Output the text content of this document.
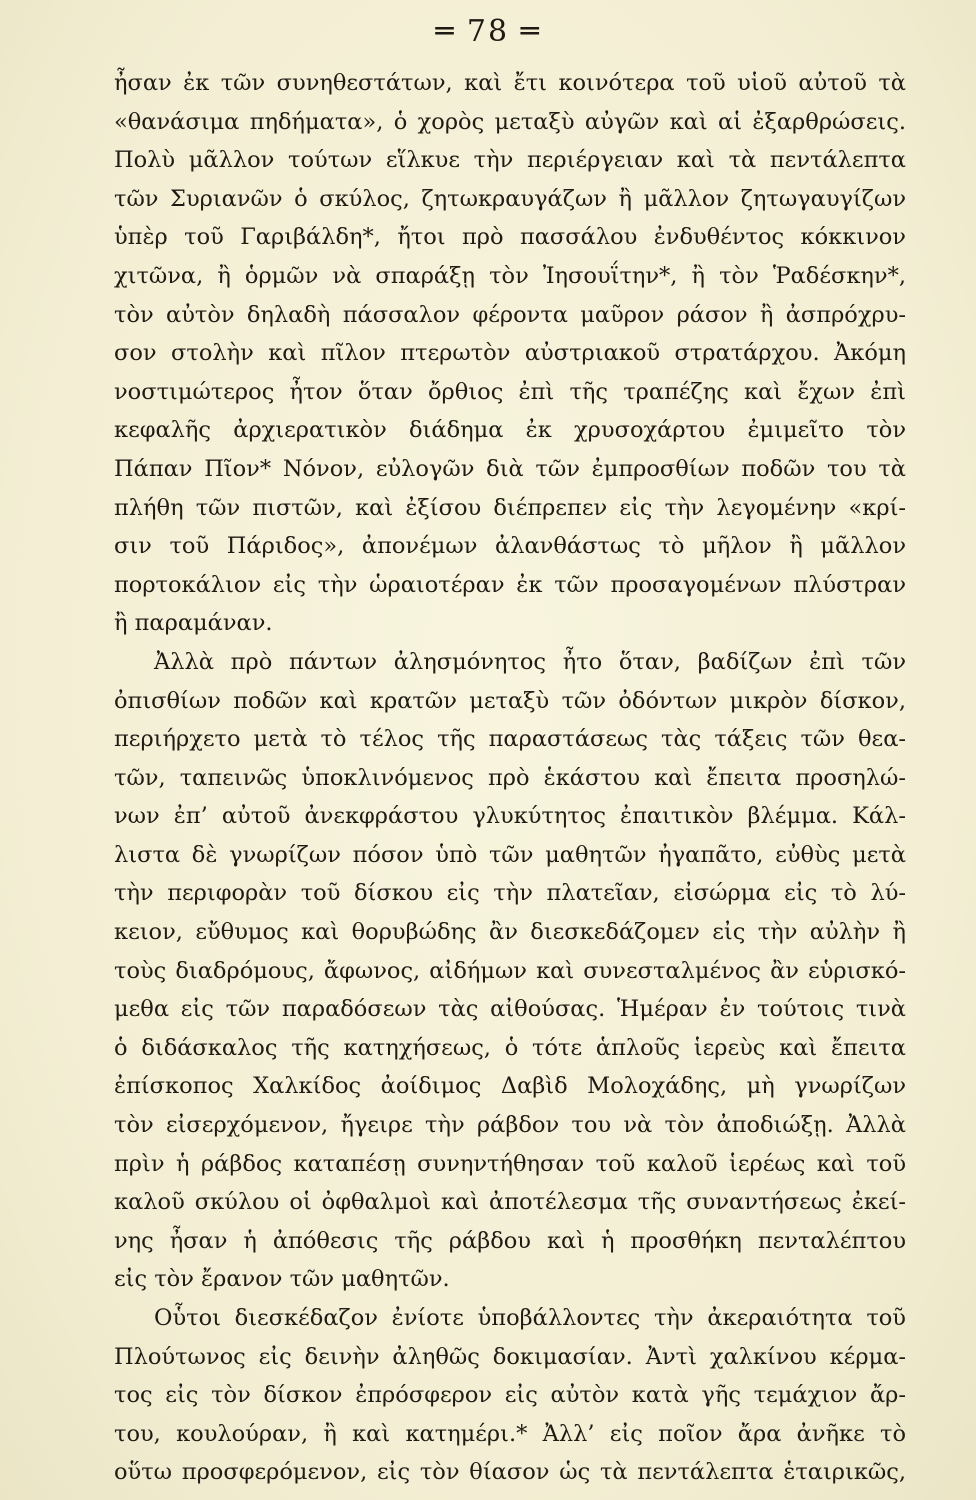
═ 78 ═
ἦσαν ἐκ τῶν συνηθεστάτων, καὶ ἔτι κοινότερα τοῦ υἱοῦ αὐτοῦ τὰ
«θανάσιμα πηδήματα», ὁ χορὸς μεταξὺ αὐγῶν καὶ αἱ ἐξαρθρώσεις.
Πολὺ μᾶλλον τούτων εἵλκυε τὴν περιέργειαν καὶ τὰ πεντάλεπτα
τῶν Συριανῶν ὁ σκύλος, ζητωκραυγάζων ἢ μᾶλλον ζητωγαυγίζων
ὑπὲρ τοῦ Γαριβάλδη*, ἤτοι πρὸ πασσάλου ἐνδυθέντος κόκκινον
χιτῶνα, ἢ ὁρμῶν νὰ σπαράξῃ τὸν Ἰησουΐτην*, ἢ τὸν Ῥαδέσκην*,
τὸν αὐτὸν δηλαδὴ πάσσαλον φέροντα μαῦρον ράσον ἢ ἀσπρόχρυ-
σον στολὴν καὶ πῖλον πτερωτὸν αὐστριακοῦ στρατάρχου. Ἀκόμη
νοστιμώτερος ἦτον ὅταν ὄρθιος ἐπὶ τῆς τραπέζης καὶ ἔχων ἐπὶ
κεφαλῆς ἀρχιερατικὸν διάδημα ἐκ χρυσοχάρτου ἐμιμεῖτο τὸν
Πάπαν Πῖον* Νόνον, εὐλογῶν διὰ τῶν ἐμπροσθίων ποδῶν του τὰ
πλήθη τῶν πιστῶν, καὶ ἐξίσου διέπρεπεν εἰς τὴν λεγομένην «κρί-
σιν τοῦ Πάριδος», ἀπονέμων ἀλανθάστως τὸ μῆλον ἢ μᾶλλον
πορτοκάλιον εἰς τὴν ὡραιοτέραν ἐκ τῶν προσαγομένων πλύστραν
ἢ παραμάναν.
Ἀλλὰ πρὸ πάντων ἀλησμόνητος ἦτο ὅταν, βαδίζων ἐπὶ τῶν
ὀπισθίων ποδῶν καὶ κρατῶν μεταξὺ τῶν ὀδόντων μικρὸν δίσκον,
περιήρχετο μετὰ τὸ τέλος τῆς παραστάσεως τὰς τάξεις τῶν θεα-
τῶν, ταπεινῶς ὑποκλινόμενος πρὸ ἑκάστου καὶ ἔπειτα προσηλώ-
νων ἐπ’ αὐτοῦ ἀνεκφράστου γλυκύτητος ἐπαιτικὸν βλέμμα. Κάλ-
λιστα δὲ γνωρίζων πόσον ὑπὸ τῶν μαθητῶν ἠγαπᾶτο, εὐθὺς μετὰ
τὴν περιφορὰν τοῦ δίσκου εἰς τὴν πλατεῖαν, εἰσώρμα εἰς τὸ λύ-
κειον, εὔθυμος καὶ θορυβώδης ἂν διεσκεδάζομεν εἰς τὴν αὐλὴν ἢ
τοὺς διαδρόμους, ἄφωνος, αἰδήμων καὶ συνεσταλμένος ἂν εὑρισκό-
μεθα εἰς τῶν παραδόσεων τὰς αἰθούσας. Ἡμέραν ἐν τούτοις τινὰ
ὁ διδάσκαλος τῆς κατηχήσεως, ὁ τότε ἁπλοῦς ἱερεὺς καὶ ἔπειτα
ἐπίσκοπος Χαλκίδος ἀοίδιμος Δαβὶδ Μολοχάδης, μὴ γνωρίζων
τὸν εἰσερχόμενον, ἤγειρε τὴν ράβδον του νὰ τὸν ἀποδιώξῃ. Ἀλλὰ
πρὶν ἡ ράβδος καταπέσῃ συνηντήθησαν τοῦ καλοῦ ἱερέως καὶ τοῦ
καλοῦ σκύλου οἱ ὀφθαλμοὶ καὶ ἀποτέλεσμα τῆς συναντήσεως ἐκεί-
νης ἦσαν ἡ ἀπόθεσις τῆς ράβδου καὶ ἡ προσθήκη πενταλέπτου
εἰς τὸν ἔρανον τῶν μαθητῶν.
Οὗτοι διεσκέδαζον ἐνίοτε ὑποβάλλοντες τὴν ἀκεραιότητα τοῦ
Πλούτωνος εἰς δεινὴν ἀληθῶς δοκιμασίαν. Ἀντὶ χαλκίνου κέρμα-
τος εἰς τὸν δίσκον ἐπρόσφερον εἰς αὐτὸν κατὰ γῆς τεμάχιον ἄρ-
του, κουλούραν, ἢ καὶ κατημέρι.* Ἀλλ’ εἰς ποῖον ἄρα ἀνῆκε τὸ
οὕτω προσφερόμενον, εἰς τὸν θίασον ὡς τὰ πεντάλεπτα ἑταιρικῶς,
